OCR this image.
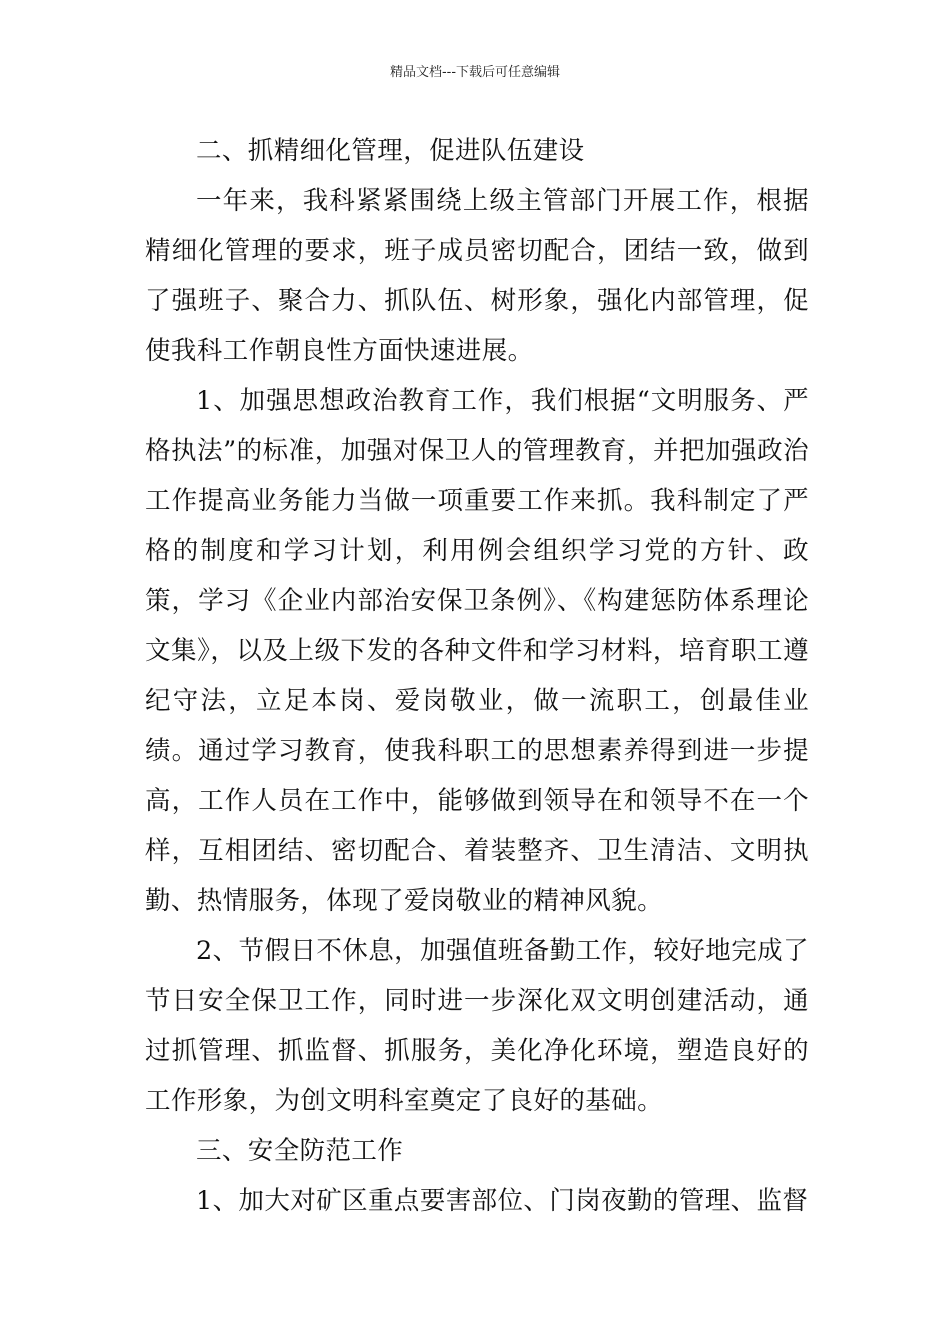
精品文档---下载后可任意编辑

二、抓精细化管理，促进队伍建设

一年来，我科紧紧围绕上级主管部门开展工作，根据精细化管理的要求，班子成员密切配合，团结一致，做到了强班子、聚合力、抓队伍、树形象，强化内部管理，促使我科工作朝良性方面快速进展。

1、加强思想政治教育工作，我们根据“文明服务、严格执法”的标准，加强对保卫人的管理教育，并把加强政治工作提高业务能力当做一项重要工作来抓。我科制定了严格的制度和学习计划，利用例会组织学习党的方针、政策，学习《企业内部治安保卫条例》、《构建惩防体系理论文集》，以及上级下发的各种文件和学习材料，培育职工遵纪守法，立足本岗、爱岗敬业，做一流职工，创最佳业绩。通过学习教育，使我科职工的思想素养得到进一步提高，工作人员在工作中，能够做到领导在和领导不在一个样，互相团结、密切配合、着装整齐、卫生清洁、文明执勤、热情服务，体现了爱岗敬业的精神风貌。

2、节假日不休息，加强值班备勤工作，较好地完成了节日安全保卫工作，同时进一步深化双文明创建活动，通过抓管理、抓监督、抓服务，美化净化环境，塑造良好的工作形象，为创文明科室奠定了良好的基础。

三、安全防范工作

1、加大对矿区重点要害部位、门岗夜勤的管理、监督
